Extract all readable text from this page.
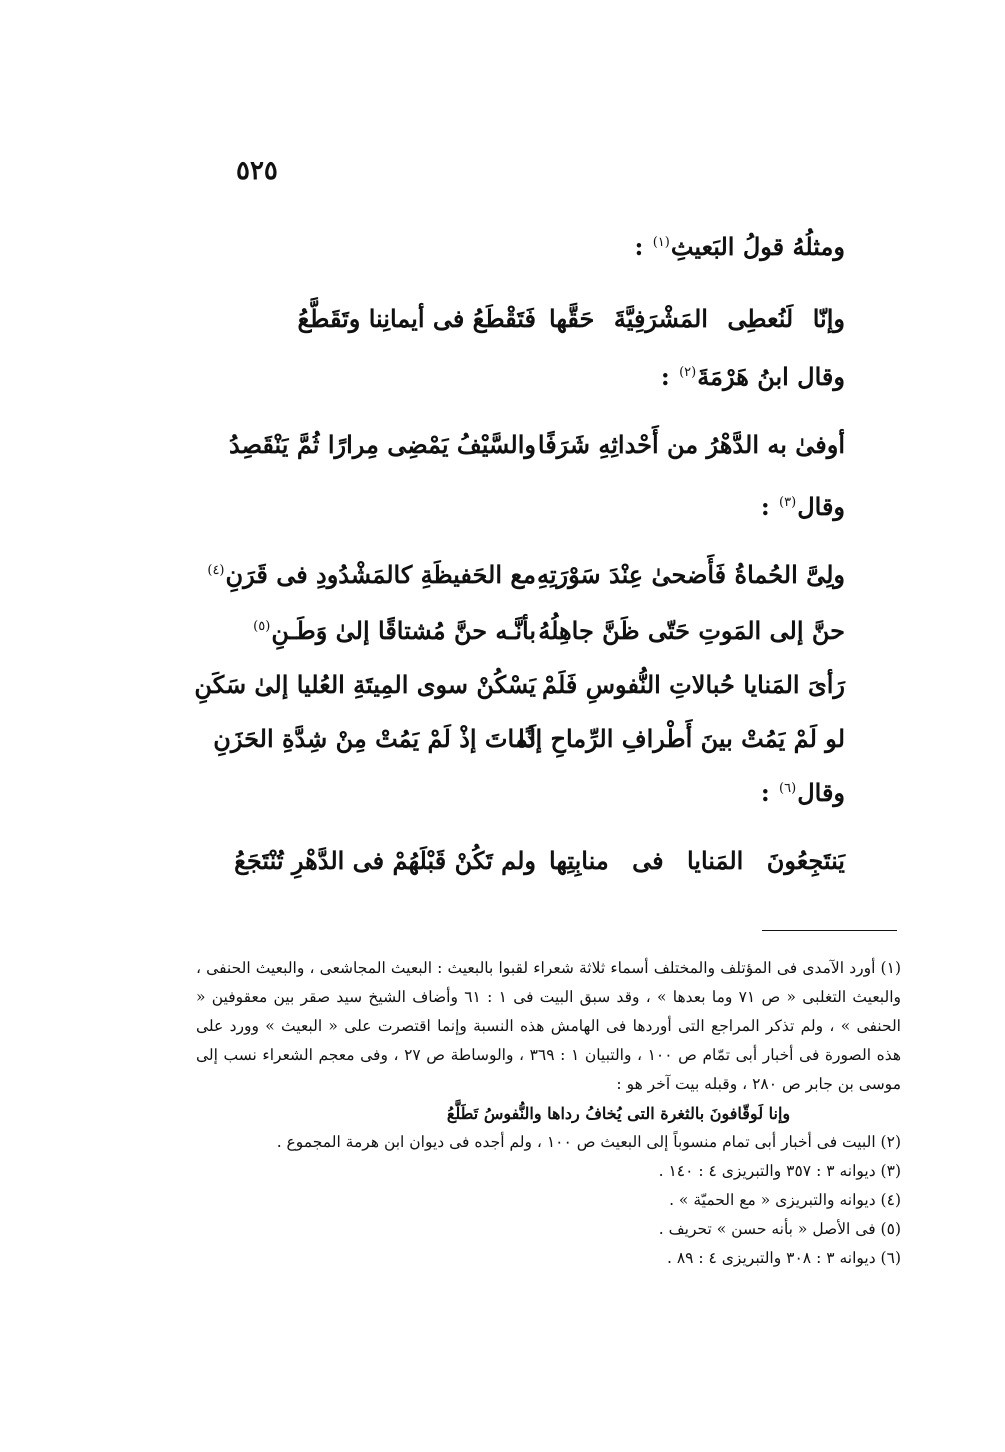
٥٢٥
ومثلُهُ قولُ البَعيثِ$^{(١)}$ :
وإنّا لَنُعطِى المَشْرَفِيَّةَ حَقَّها
فَتَقْطَعُ فى أيمانِنا وتَقَطَّعُ
وقال ابنُ هَرْمَةَ$^{(٢)}$ :
أوفىٰ به الدَّهْرُ من أَحْداثِهِ شَرَفًا
والسَّيْفُ يَمْضِى مِرارًا ثُمَّ يَنْقَصِدُ
وقال$^{(٣)}$ :
ولِىَّ الحُماةُ فَأَضحىٰ عِنْدَ سَوْرَتِهِ
مع الحَفيظَةِ كالمَشْدُودِ فى قَرَنِ$^{(٤)}$
حنَّ إلى المَوتِ حَتّى ظَنَّ جاهِلُهُ
بأنَّـه حنَّ مُشتاقًا إلىٰ وَطَـنِ$^{(٥)}$
رَأىَ المَنايا حُبالاتِ النُّفوسِ فَلَمْ
يَسْكُنْ سوى المِيتَةِ العُليا إلىٰ سَكَنِ
لو لَمْ يَمُتْ بينَ أَطْرافِ الرِّماحِ إذًا
لَماتَ إذْ لَمْ يَمُتْ مِنْ شِدَّةِ الحَزَنِ
وقال$^{(٦)}$ :
يَنتَجِعُونَ المَنايا فى منابِتِها
ولم تَكُنْ قَبْلَهُمْ فى الدَّهْرِ تُنْتَجَعُ
(١) أورد الآمدى فى المؤتلف والمختلف أسماء ثلاثة شعراء لقبوا بالبعيث : البعيث المجاشعى ، والبعيث الحنفى ، والبعيث التغلبى « ص ٧١ وما بعدها » ، وقد سبق البيت فى ١ : ٦١ وأضاف الشيخ سيد صقر بين معقوفين « الحنفى » ، ولم تذكر المراجع التى أوردها فى الهامش هذه النسبة وإنما اقتصرت على « البعيث » وورد على هذه الصورة فى أخبار أبى تمّام ص ١٠٠ ، والتبيان ١ : ٣٦٩ ، والوساطة ص ٢٧ ، وفى معجم الشعراء نسب إلى موسى بن جابر ص ٢٨٠ ، وقبله بيت آخر هو :
وإنا لَوقّافونَ بالثغرة التى يُخافُ رداها والنُّفوسُ تَطَلَّعُ
(٢) البيت فى أخبار أبى تمام منسوباً إلى البعيث ص ١٠٠ ، ولم أجده فى ديوان ابن هرمة المجموع .
(٣) ديوانه ٣ : ٣٥٧ والتبريزى ٤ : ١٤٠ .
(٤) ديوانه والتبريزى « مع الحميّة » .
(٥) فى الأصل « بأنه حسن » تحريف .
(٦) ديوانه ٣ : ٣٠٨ والتبريزى ٤ : ٨٩ .
